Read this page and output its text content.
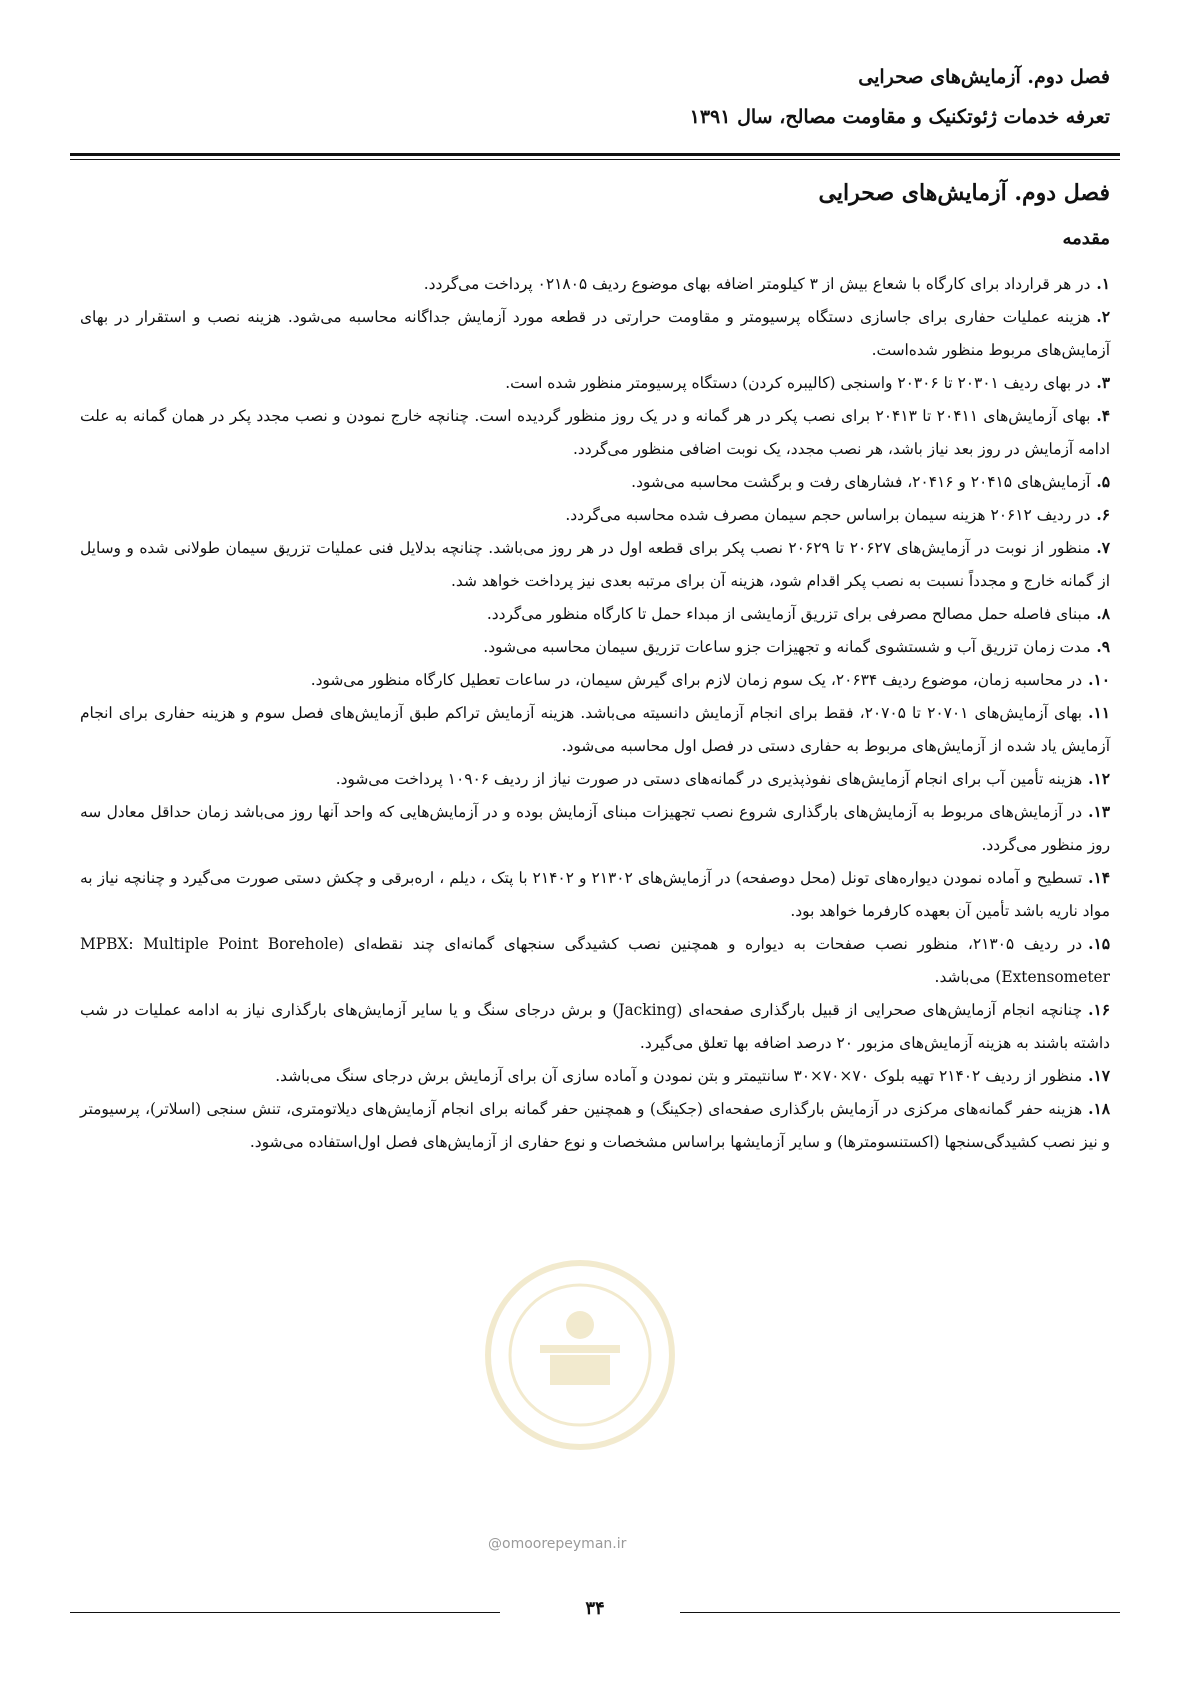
فصل دوم. آزمایش‌های صحرایی
تعرفه خدمات ژئوتکنیک و مقاومت مصالح، سال ۱۳۹۱
فصل دوم. آزمایش‌های صحرایی
مقدمه

۱.در هر قرارداد برای کارگاه با شعاع بیش از ۳ کیلومتر اضافه بهای موضوع ردیف ۰۲۱۸۰۵ پرداخت می‌گردد.

۲.هزینه عملیات حفاری برای جاسازی دستگاه پرسیومتر و مقاومت حرارتی در قطعه مورد آزمایش جداگانه محاسبه می‌شود. هزینه نصب و استقرار در بهای آزمایش‌های مربوط منظور شده‌است.

۳.در بهای ردیف ۲۰۳۰۱ تا ۲۰۳۰۶ واسنجی (کالیبره کردن) دستگاه پرسیومتر منظور شده است.

۴.بهای آزمایش‌های ۲۰۴۱۱ تا ۲۰۴۱۳ برای نصب پکر در هر گمانه و در یک روز منظور گردیده است. چنانچه خارج نمودن و نصب مجدد پکر در همان گمانه به علت ادامه آزمایش در روز بعد نیاز باشد، هر نصب مجدد، یک نوبت اضافی منظور می‌گردد.

۵.آزمایش‌های ۲۰۴۱۵ و ۲۰۴۱۶، فشارهای رفت و برگشت محاسبه می‌شود.

۶.در ردیف ۲۰۶۱۲ هزینه سیمان براساس حجم سیمان مصرف شده محاسبه می‌گردد.

۷.منظور از نوبت در آزمایش‌های ۲۰۶۲۷ تا ۲۰۶۲۹ نصب پکر برای قطعه اول در هر روز می‌باشد. چنانچه بدلایل فنی عملیات تزریق سیمان طولانی شده و وسایل از گمانه خارج و مجدداً نسبت به نصب پکر اقدام شود، هزینه آن برای مرتبه بعدی نیز پرداخت خواهد شد.

۸.مبنای فاصله حمل مصالح مصرفی برای تزریق آزمایشی از مبداء حمل تا کارگاه منظور می‌گردد.

۹.مدت زمان تزریق آب و شستشوی گمانه و تجهیزات جزو ساعات تزریق سیمان محاسبه می‌شود.

۱۰.در محاسبه زمان، موضوع ردیف ۲۰۶۳۴، یک سوم زمان لازم برای گیرش سیمان، در ساعات تعطیل کارگاه منظور می‌شود.

۱۱.بهای آزمایش‌های ۲۰۷۰۱ تا ۲۰۷۰۵، فقط برای انجام آزمایش دانسیته می‌باشد. هزینه آزمایش تراکم طبق آزمایش‌های فصل سوم و هزینه حفاری برای انجام آزمایش یاد شده از آزمایش‌های مربوط به حفاری دستی در فصل اول محاسبه می‌شود.

۱۲.هزینه تأمین آب برای انجام آزمایش‌های نفوذپذیری در گمانه‌های دستی در صورت نیاز از ردیف ۱۰۹۰۶ پرداخت می‌شود.

۱۳.در آزمایش‌های مربوط به آزمایش‌های بارگذاری شروع نصب تجهیزات مبنای آزمایش بوده و در آزمایش‌هایی که واحد آنها روز می‌باشد زمان حداقل معادل سه روز منظور می‌گردد.

۱۴.تسطیح و آماده نمودن دیواره‌های تونل (محل دوصفحه) در آزمایش‌های ۲۱۳۰۲ و ۲۱۴۰۲ با پتک ، دیلم ، اره‌برقی و چکش دستی صورت می‌گیرد و چنانچه نیاز به مواد ناریه باشد تأمین آن بعهده کارفرما خواهد بود.

۱۵.در ردیف ۲۱۳۰۵، منظور نصب صفحات به دیواره و همچنین نصب کشیدگی سنجهای گمانه‌ای چند نقطه‌ای (MPBX: Multiple Point Borehole Extensometer) می‌باشد.

۱۶.چنانچه انجام آزمایش‌های صحرایی از قبیل بارگذاری صفحه‌ای (Jacking) و برش درجای سنگ و یا سایر آزمایش‌های بارگذاری نیاز به ادامه عملیات در شب داشته باشند به هزینه آزمایش‌های مزبور ۲۰ درصد اضافه بها تعلق می‌گیرد.

۱۷.منظور از ردیف ۲۱۴۰۲ تهیه بلوک ۷۰×۷۰×۳۰ سانتیمتر و بتن نمودن و آماده سازی آن برای آزمایش برش درجای سنگ می‌باشد.

۱۸.هزینه حفر گمانه‌های مرکزی در آزمایش بارگذاری صفحه‌ای (جکینگ) و همچنین حفر گمانه برای انجام آزمایش‌های دیلاتومتری، تنش سنجی (اسلاتر)، پرسیومتر و نیز نصب کشیدگی‌سنجها (اکستنسومترها) و سایر آزمایشها براساس مشخصات و نوع حفاری از آزمایش‌های فصل اول‌استفاده می‌شود.

@omoorepeyman.ir
۳۴
